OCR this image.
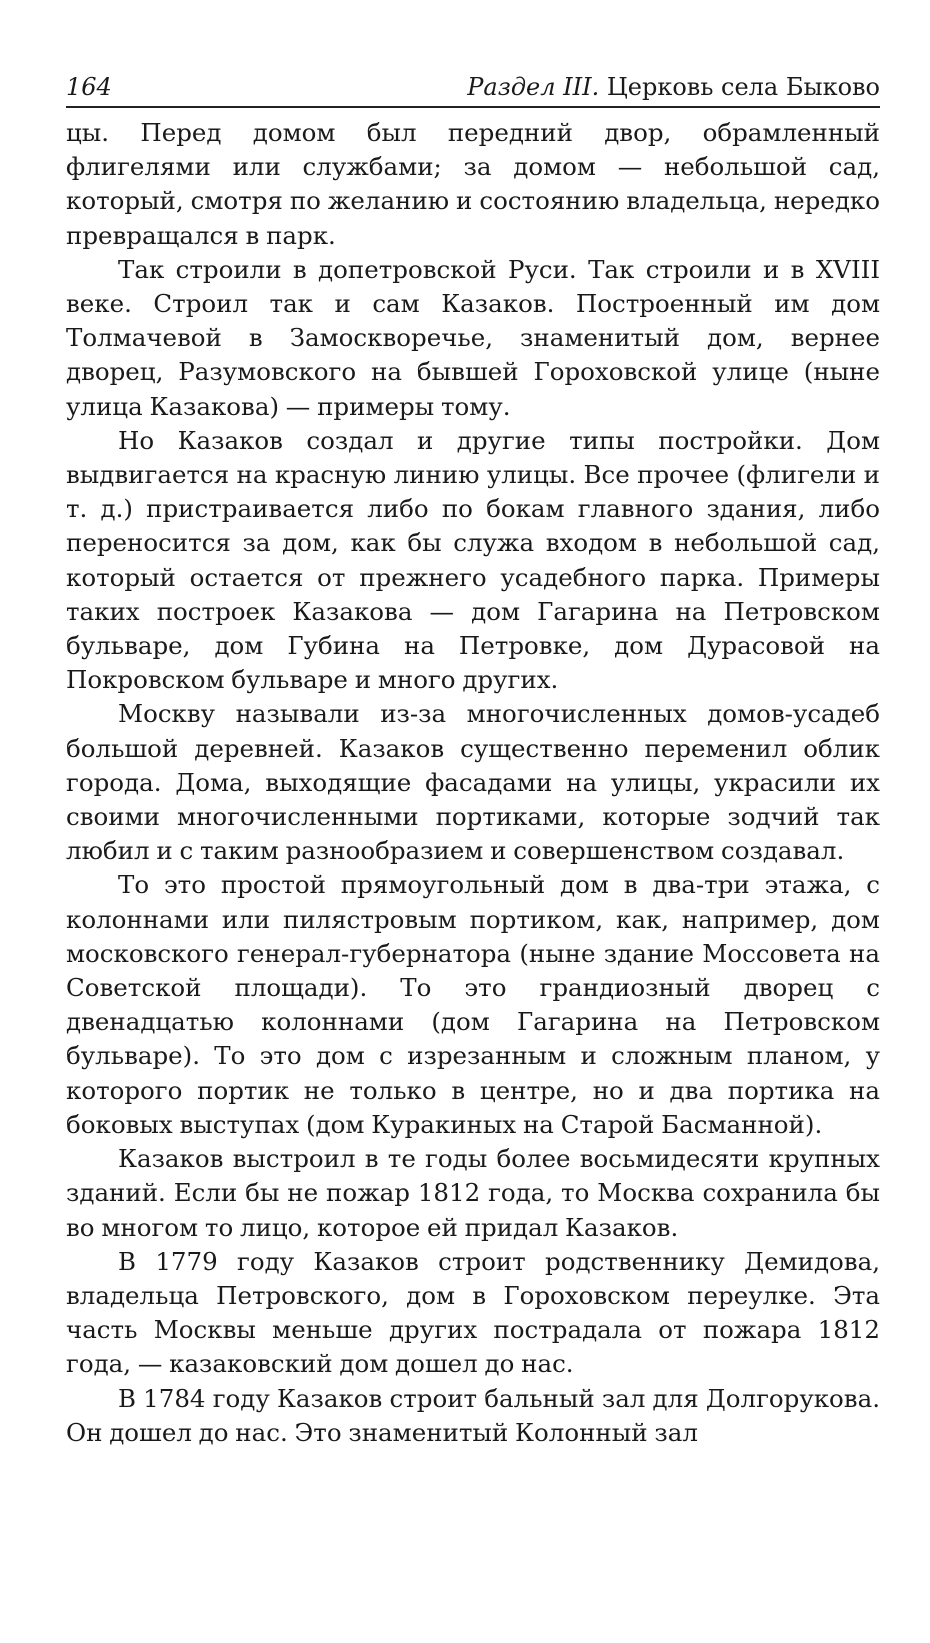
164	Раздел III. Церковь села Быково

цы. Перед домом был передний двор, обрамленный флигелями или службами; за домом — небольшой сад, который, смотря по желанию и состоянию владельца, нередко превращался в парк.

Так строили в допетровской Руси. Так строили и в XVIII веке. Строил так и сам Казаков. Построенный им дом Толмачевой в Замоскворечье, знаменитый дом, вернее дворец, Разумовского на бывшей Гороховской улице (ныне улица Казакова) — примеры тому.

Но Казаков создал и другие типы постройки. Дом выдвигается на красную линию улицы. Все прочее (флигели и т. д.) пристраивается либо по бокам главного здания, либо переносится за дом, как бы служа входом в небольшой сад, который остается от прежнего усадебного парка. Примеры таких построек Казакова — дом Гагарина на Петровском бульваре, дом Губина на Петровке, дом Дурасовой на Покровском бульваре и много других.

Москву называли из-за многочисленных домов-усадеб большой деревней. Казаков существенно переменил облик города. Дома, выходящие фасадами на улицы, украсили их своими многочисленными портиками, которые зодчий так любил и с таким разнообразием и совершенством создавал.

То это простой прямоугольный дом в два-три этажа, с колоннами или пилястровым портиком, как, например, дом московского генерал-губернатора (ныне здание Моссовета на Советской площади). То это грандиозный дворец с двенадцатью колоннами (дом Гагарина на Петровском бульваре). То это дом с изрезанным и сложным планом, у которого портик не только в центре, но и два портика на боковых выступах (дом Куракиных на Старой Басманной).

Казаков выстроил в те годы более восьмидесяти крупных зданий. Если бы не пожар 1812 года, то Москва сохранила бы во многом то лицо, которое ей придал Казаков.

В 1779 году Казаков строит родственнику Демидова, владельца Петровского, дом в Гороховском переулке. Эта часть Москвы меньше других пострадала от пожара 1812 года, — казаковский дом дошел до нас.

В 1784 году Казаков строит бальный зал для Долгорукова. Он дошел до нас. Это знаменитый Колонный зал
